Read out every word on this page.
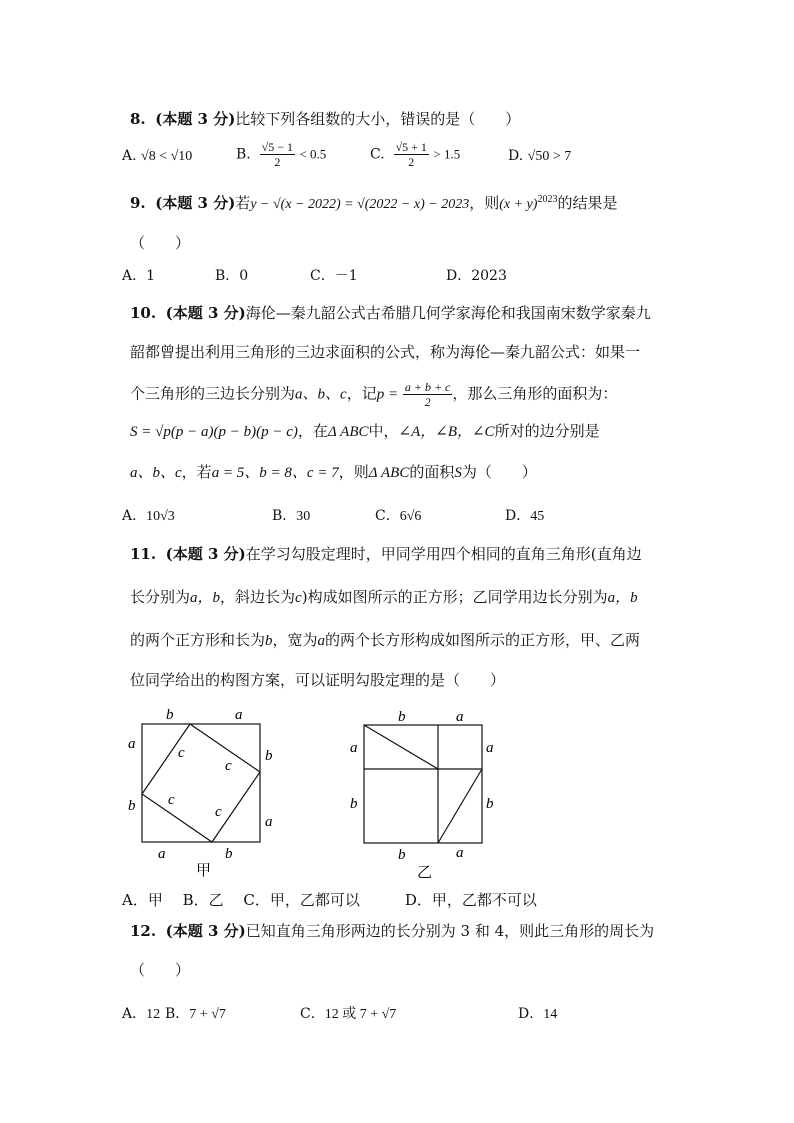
8. (本题 3 分)比较下列各组数的大小，错误的是（　　）
A. √8 < √10	B. $\frac{√5 - 1}{2} < 0.5$	C. $\frac{√5 + 1}{2} > 1.5$	D. √50 > 7
9. (本题 3 分)若y − √(x − 2022) = √(2022 − x) − 2023，则$(x + y)^{2023}$的结果是
（　　）
A．1	B．0	C．－1	D．2023
10. (本题 3 分)海伦—秦九韶公式古希腊几何学家海伦和我国南宋数学家秦九
韶都曾提出利用三角形的三边求面积的公式，称为海伦—秦九韶公式：如果一
个三角形的三边长分别为a、b、c，记$p = \frac{a + b + c}{2}$ ，那么三角形的面积为：
S = √p(p − a)(p − b)(p − c)，在Δ ABC中，∠A，∠B，∠C所对的边分别是
a、b、c，若a = 5、b = 8、c = 7，则Δ ABC的面积S为（　　）
A．10√3	B．30	C．6√6	D．45
11. (本题 3 分)在学习勾股定理时，甲同学用四个相同的直角三角形(直角边
长分别为a，b，斜边长为c)构成如图所示的正方形；乙同学用边长分别为a，b
的两个正方形和长为b，宽为a的两个长方形构成如图所示的正方形，甲、乙两
位同学给出的构图方案，可以证明勾股定理的是（　　）
b	a
a
b
b
a
a	b
c
c
c
c
甲
b	a
a
b
a
b
b	a
乙
A．甲　 B．乙　 C．甲，乙都可以　　　D．甲，乙都不可以
12. (本题 3 分)已知直角三角形两边的长分别为 3 和 4，则此三角形的周长为
（　　）
A．12 B．7 + √7	C．12 或 7 + √7	D．14
